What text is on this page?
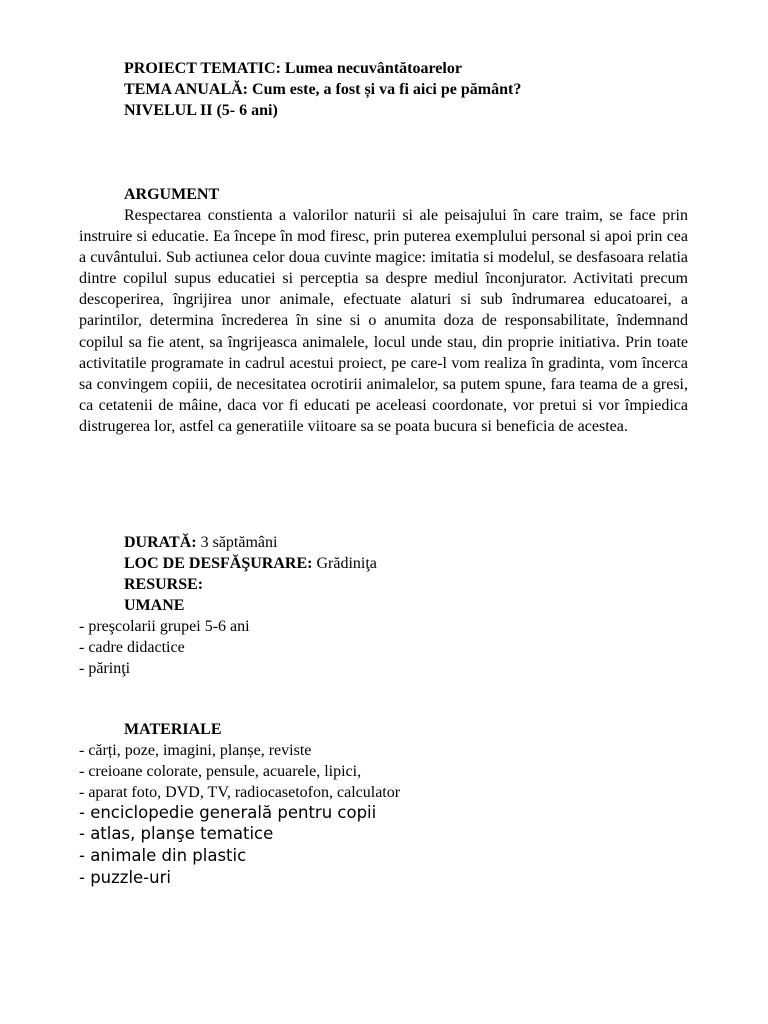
PROIECT TEMATIC: Lumea necuvântătoarelor
TEMA ANUALĂ: Cum este, a fost și va fi aici pe pământ?
NIVELUL II (5- 6 ani)
ARGUMENT

Respectarea constienta a valorilor naturii si ale peisajului în care traim, se face prin instruire si educatie. Ea începe în mod firesc, prin puterea exemplului personal si apoi prin cea a cuvântului. Sub actiunea celor doua cuvinte magice: imitatia si modelul, se desfasoara relatia dintre copilul supus educatiei si perceptia sa despre mediul înconjurator. Activitati precum descoperirea, îngrijirea unor animale, efectuate alaturi si sub îndrumarea educatoarei, a parintilor, determina încrederea în sine si o anumita doza de responsabilitate, îndemnand copilul sa fie atent, sa îngrijeasca animalele, locul unde stau, din proprie initiativa. Prin toate activitatile programate in cadrul acestui proiect, pe care-l vom realiza în gradinta, vom încerca sa convingem copiii, de necesitatea ocrotirii animalelor, sa putem spune, fara teama de a gresi, ca cetatenii de mâine, daca vor fi educati pe aceleasi coordonate, vor pretui si vor împiedica distrugerea lor, astfel ca generatiile viitoare sa se poata bucura si beneficia de acestea.

DURATĂ: 3 săptămâni
LOC DE DESFĂŞURARE: Grădiniţa
RESURSE:
UMANE
- preşcolarii grupei 5-6 ani
- cadre didactice
- părinţi
MATERIALE
- cărți, poze, imagini, planșe, reviste
- creioane colorate, pensule, acuarele, lipici,
- aparat foto, DVD, TV, radiocasetofon, calculator
- enciclopedie generală pentru copii
- atlas, planşe tematice
- animale din plastic
- puzzle-uri
